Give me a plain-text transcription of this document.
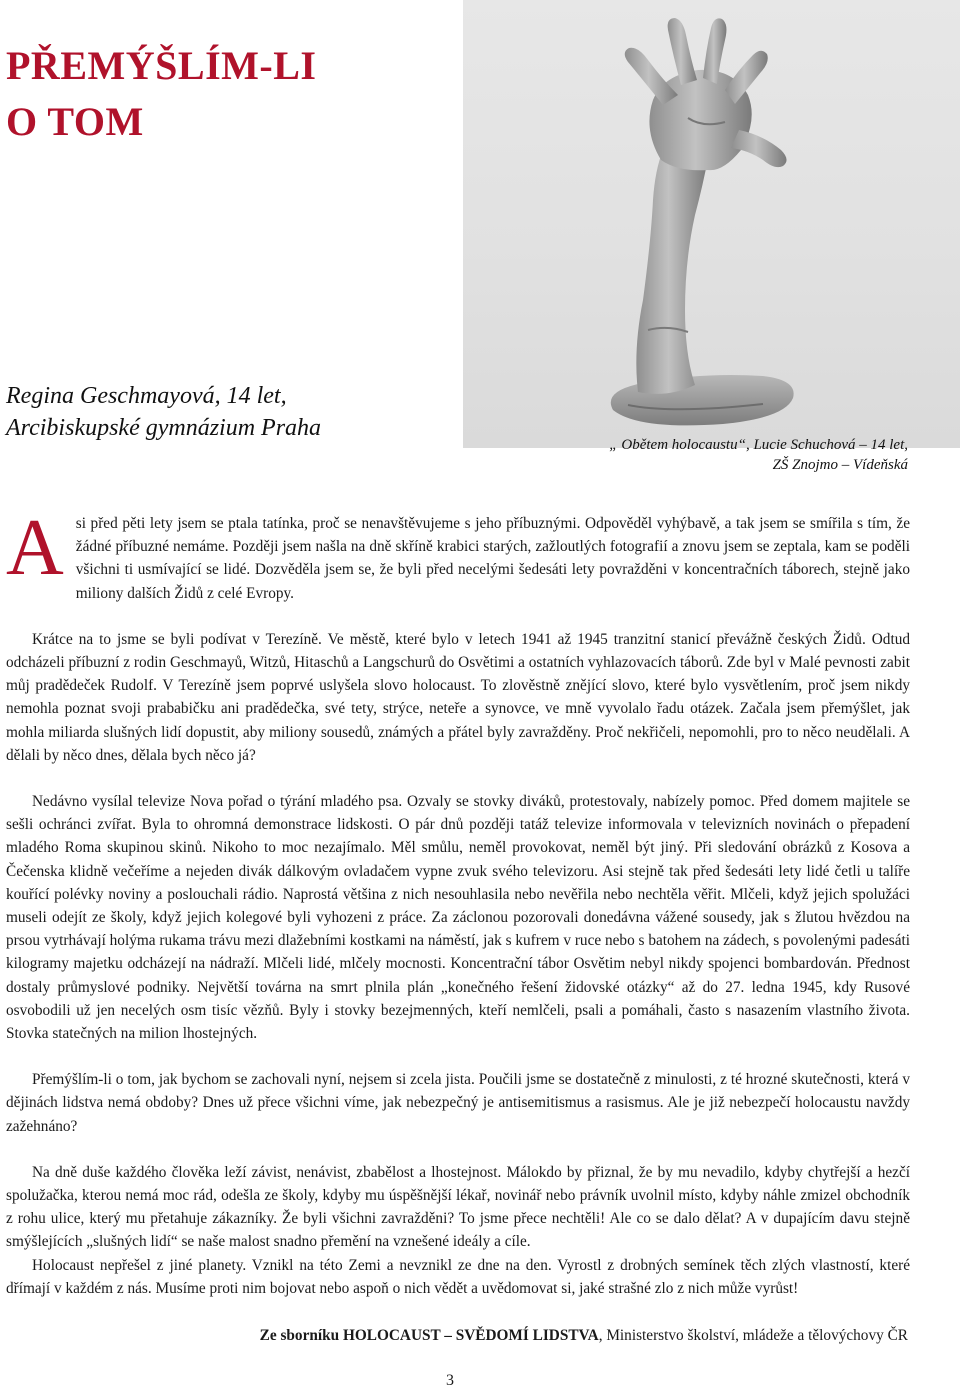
PŘEMÝŠLÍM-LI
O TOM
Regina Geschmayová, 14 let,
Arcibiskupské gymnázium Praha
„ Obětem holocaustu“, Lucie Schuchová – 14 let,
ZŠ Znojmo – Vídeňská

Asi před pěti lety jsem se ptala tatínka, proč se nenavštěvujeme s jeho příbuznými. Odpověděl vyhýbavě, a tak jsem se smířila s tím, že žádné příbuzné nemáme. Později jsem našla na dně skříně krabici starých, zažloutlých fotografií a znovu jsem se zeptala, kam se poděli všichni ti usmívající se lidé. Dozvěděla jsem se, že byli před necelými šedesáti lety povražděni v koncentračních táborech, stejně jako miliony dalších Židů z celé Evropy.

Krátce na to jsme se byli podívat v Terezíně. Ve městě, které bylo v letech 1941 až 1945 tranzitní stanicí převážně českých Židů. Odtud odcházeli příbuzní z rodin Geschmayů, Witzů, Hitaschů a Langschurů do Osvětimi a ostatních vyhlazovacích táborů. Zde byl v Malé pevnosti zabit můj pradědeček Rudolf. V Terezíně jsem poprvé uslyšela slovo holocaust. To zlověstně znějící slovo, které bylo vysvětlením, proč jsem nikdy nemohla poznat svoji prababičku ani pradědečka, své tety, strýce, neteře a synovce, ve mně vyvolalo řadu otázek. Začala jsem přemýšlet, jak mohla miliarda slušných lidí dopustit, aby miliony sousedů, známých a přátel byly zavražděny. Proč nekřičeli, nepomohli, pro to něco neudělali. A dělali by něco dnes, dělala bych něco já?

Nedávno vysílal televize Nova pořad o týrání mladého psa. Ozvaly se stovky diváků, protestovaly, nabízely pomoc. Před domem majitele se sešli ochránci zvířat. Byla to ohromná demonstrace lidskosti. O pár dnů později tatáž televize informovala v televizních novinách o přepadení mladého Roma skupinou skinů. Nikoho to moc nezajímalo. Měl smůlu, neměl provokovat, neměl být jiný. Při sledování obrázků z Kosova a Čečenska klidně večeříme a nejeden divák dálkovým ovladačem vypne zvuk svého televizoru. Asi stejně tak před šedesáti lety lidé četli u talíře kouřící polévky noviny a poslouchali rádio. Naprostá většina z nich nesouhlasila nebo nevěřila nebo nechtěla věřit. Mlčeli, když jejich spolužáci museli odejít ze školy, když jejich kolegové byli vyhozeni z práce. Za záclonou pozorovali donedávna vážené sousedy, jak s žlutou hvězdou na prsou vytrhávají holýma rukama trávu mezi dlažebními kostkami na náměstí, jak s kufrem v ruce nebo s batohem na zádech, s povolenými padesáti kilogramy majetku odcházejí na nádraží. Mlčeli lidé, mlčely mocnosti. Koncentrační tábor Osvětim nebyl nikdy spojenci bombardován. Přednost dostaly průmyslové podniky. Největší továrna na smrt plnila plán „konečného řešení židovské otázky“ až do 27. ledna 1945, kdy Rusové osvobodili už jen necelých osm tisíc vězňů. Byly i stovky bezejmenných, kteří nemlčeli, psali a pomáhali, často s nasazením vlastního života. Stovka statečných na milion lhostejných.

Přemýšlím-li o tom, jak bychom se zachovali nyní, nejsem si zcela jista. Poučili jsme se dostatečně z minulosti, z té hrozné skutečnosti, která v dějinách lidstva nemá obdoby? Dnes už přece všichni víme, jak nebezpečný je antisemitismus a rasismus. Ale je již nebezpečí holocaustu navždy zažehnáno?

Na dně duše každého člověka leží závist, nenávist, zbabělost a lhostejnost. Málokdo by přiznal, že by mu nevadilo, kdyby chytřejší a hezčí spolužačka, kterou nemá moc rád, odešla ze školy, kdyby mu úspěšnější lékař, novinář nebo právník uvolnil místo, kdyby náhle zmizel obchodník z rohu ulice, který mu přetahuje zákazníky. Že byli všichni zavražděni? To jsme přece nechtěli! Ale co se dalo dělat? A v dupajícím davu stejně smýšlejících „slušných lidí“ se naše malost snadno přemění na vznešené ideály a cíle.

Holocaust nepřešel z jiné planety. Vznikl na této Zemi a nevznikl ze dne na den. Vyrostl z drobných semínek těch zlých vlastností, které dřímají v každém z nás. Musíme proti nim bojovat nebo aspoň o nich vědět a uvědomovat si, jaké strašné zlo z nich může vyrůst!

Ze sborníku HOLOCAUST – SVĚDOMÍ LIDSTVA, Ministerstvo školství, mládeže a tělovýchovy ČR
3
